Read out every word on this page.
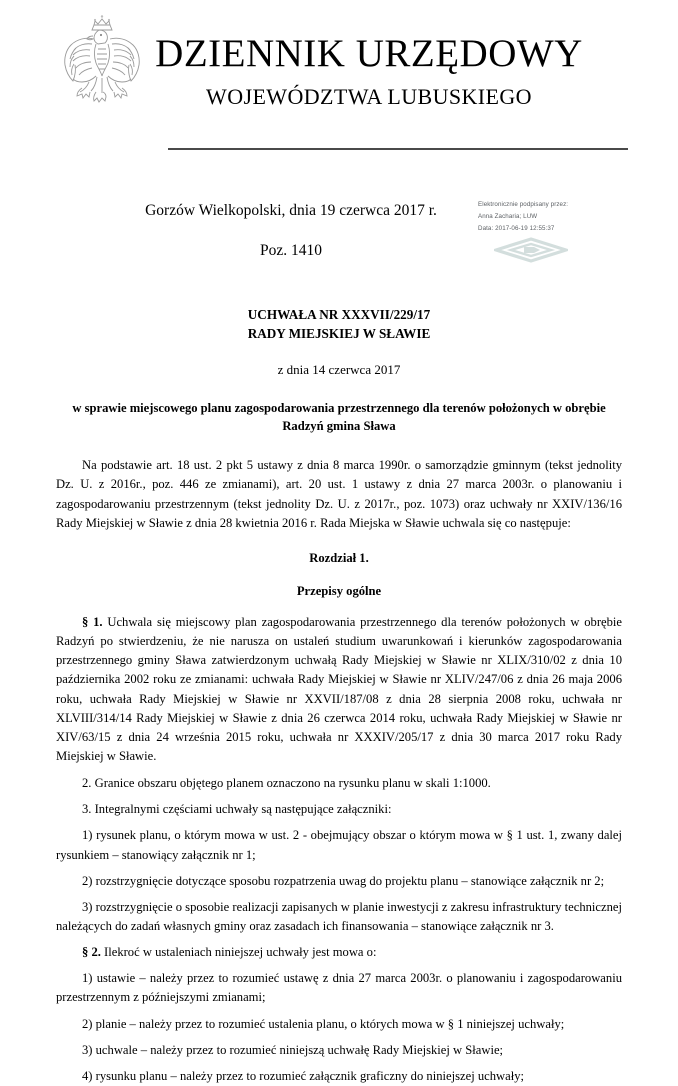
DZIENNIK URZĘDOWY
WOJEWÓDZTWA LUBUSKIEGO
Gorzów Wielkopolski, dnia 19 czerwca 2017 r.
Poz. 1410
Elektronicznie podpisany przez:
Anna Zacharia; LUW
Data: 2017-06-19 12:55:37
UCHWAŁA NR XXXVII/229/17
RADY MIEJSKIEJ W SŁAWIE
z dnia 14 czerwca 2017
w sprawie miejscowego planu zagospodarowania przestrzennego dla terenów położonych w obrębie
Radzyń gmina Sława

Na podstawie art. 18 ust. 2 pkt 5 ustawy z dnia 8 marca 1990r. o samorządzie gminnym (tekst jednolity Dz. U. z 2016r., poz. 446 ze zmianami), art. 20 ust. 1 ustawy z dnia 27 marca 2003r. o planowaniu i zagospodarowaniu przestrzennym (tekst jednolity Dz. U. z 2017r., poz. 1073) oraz uchwały nr XXIV/136/16 Rady Miejskiej w Sławie z dnia 28 kwietnia 2016 r. Rada Miejska w Sławie uchwala się co następuje:

Rozdział 1.
Przepisy ogólne

§ 1. Uchwala się miejscowy plan zagospodarowania przestrzennego dla terenów położonych w obrębie Radzyń po stwierdzeniu, że nie narusza on ustaleń studium uwarunkowań i kierunków zagospodarowania przestrzennego gminy Sława zatwierdzonym uchwałą Rady Miejskiej w Sławie nr XLIX/310/02 z dnia 10 października 2002 roku ze zmianami: uchwała Rady Miejskiej w Sławie nr XLIV/247/06 z dnia 26 maja 2006 roku, uchwała Rady Miejskiej w Sławie nr XXVII/187/08 z dnia 28 sierpnia 2008 roku, uchwała nr XLVIII/314/14 Rady Miejskiej w Sławie z dnia 26 czerwca 2014 roku, uchwała Rady Miejskiej w Sławie nr XIV/63/15 z dnia 24 września 2015 roku, uchwała nr XXXIV/205/17 z dnia 30 marca 2017 roku Rady Miejskiej w Sławie.

2. Granice obszaru objętego planem oznaczono na rysunku planu w skali 1:1000.

3. Integralnymi częściami uchwały są następujące załączniki:

1) rysunek planu, o którym mowa w ust. 2 - obejmujący obszar o którym mowa w § 1 ust. 1, zwany dalej rysunkiem – stanowiący załącznik nr 1;

2) rozstrzygnięcie dotyczące sposobu rozpatrzenia uwag do projektu planu – stanowiące załącznik nr 2;

3) rozstrzygnięcie o sposobie realizacji zapisanych w planie inwestycji z zakresu infrastruktury technicznej należących do zadań własnych gminy oraz zasadach ich finansowania – stanowiące załącznik nr 3.

§ 2. Ilekroć w ustaleniach niniejszej uchwały jest mowa o:

1) ustawie – należy przez to rozumieć ustawę z dnia 27 marca 2003r. o planowaniu i zagospodarowaniu przestrzennym z późniejszymi zmianami;

2) planie – należy przez to rozumieć ustalenia planu, o których mowa w § 1 niniejszej uchwały;

3) uchwale – należy przez to rozumieć niniejszą uchwałę Rady Miejskiej w Sławie;

4) rysunku planu – należy przez to rozumieć załącznik graficzny do niniejszej uchwały;
